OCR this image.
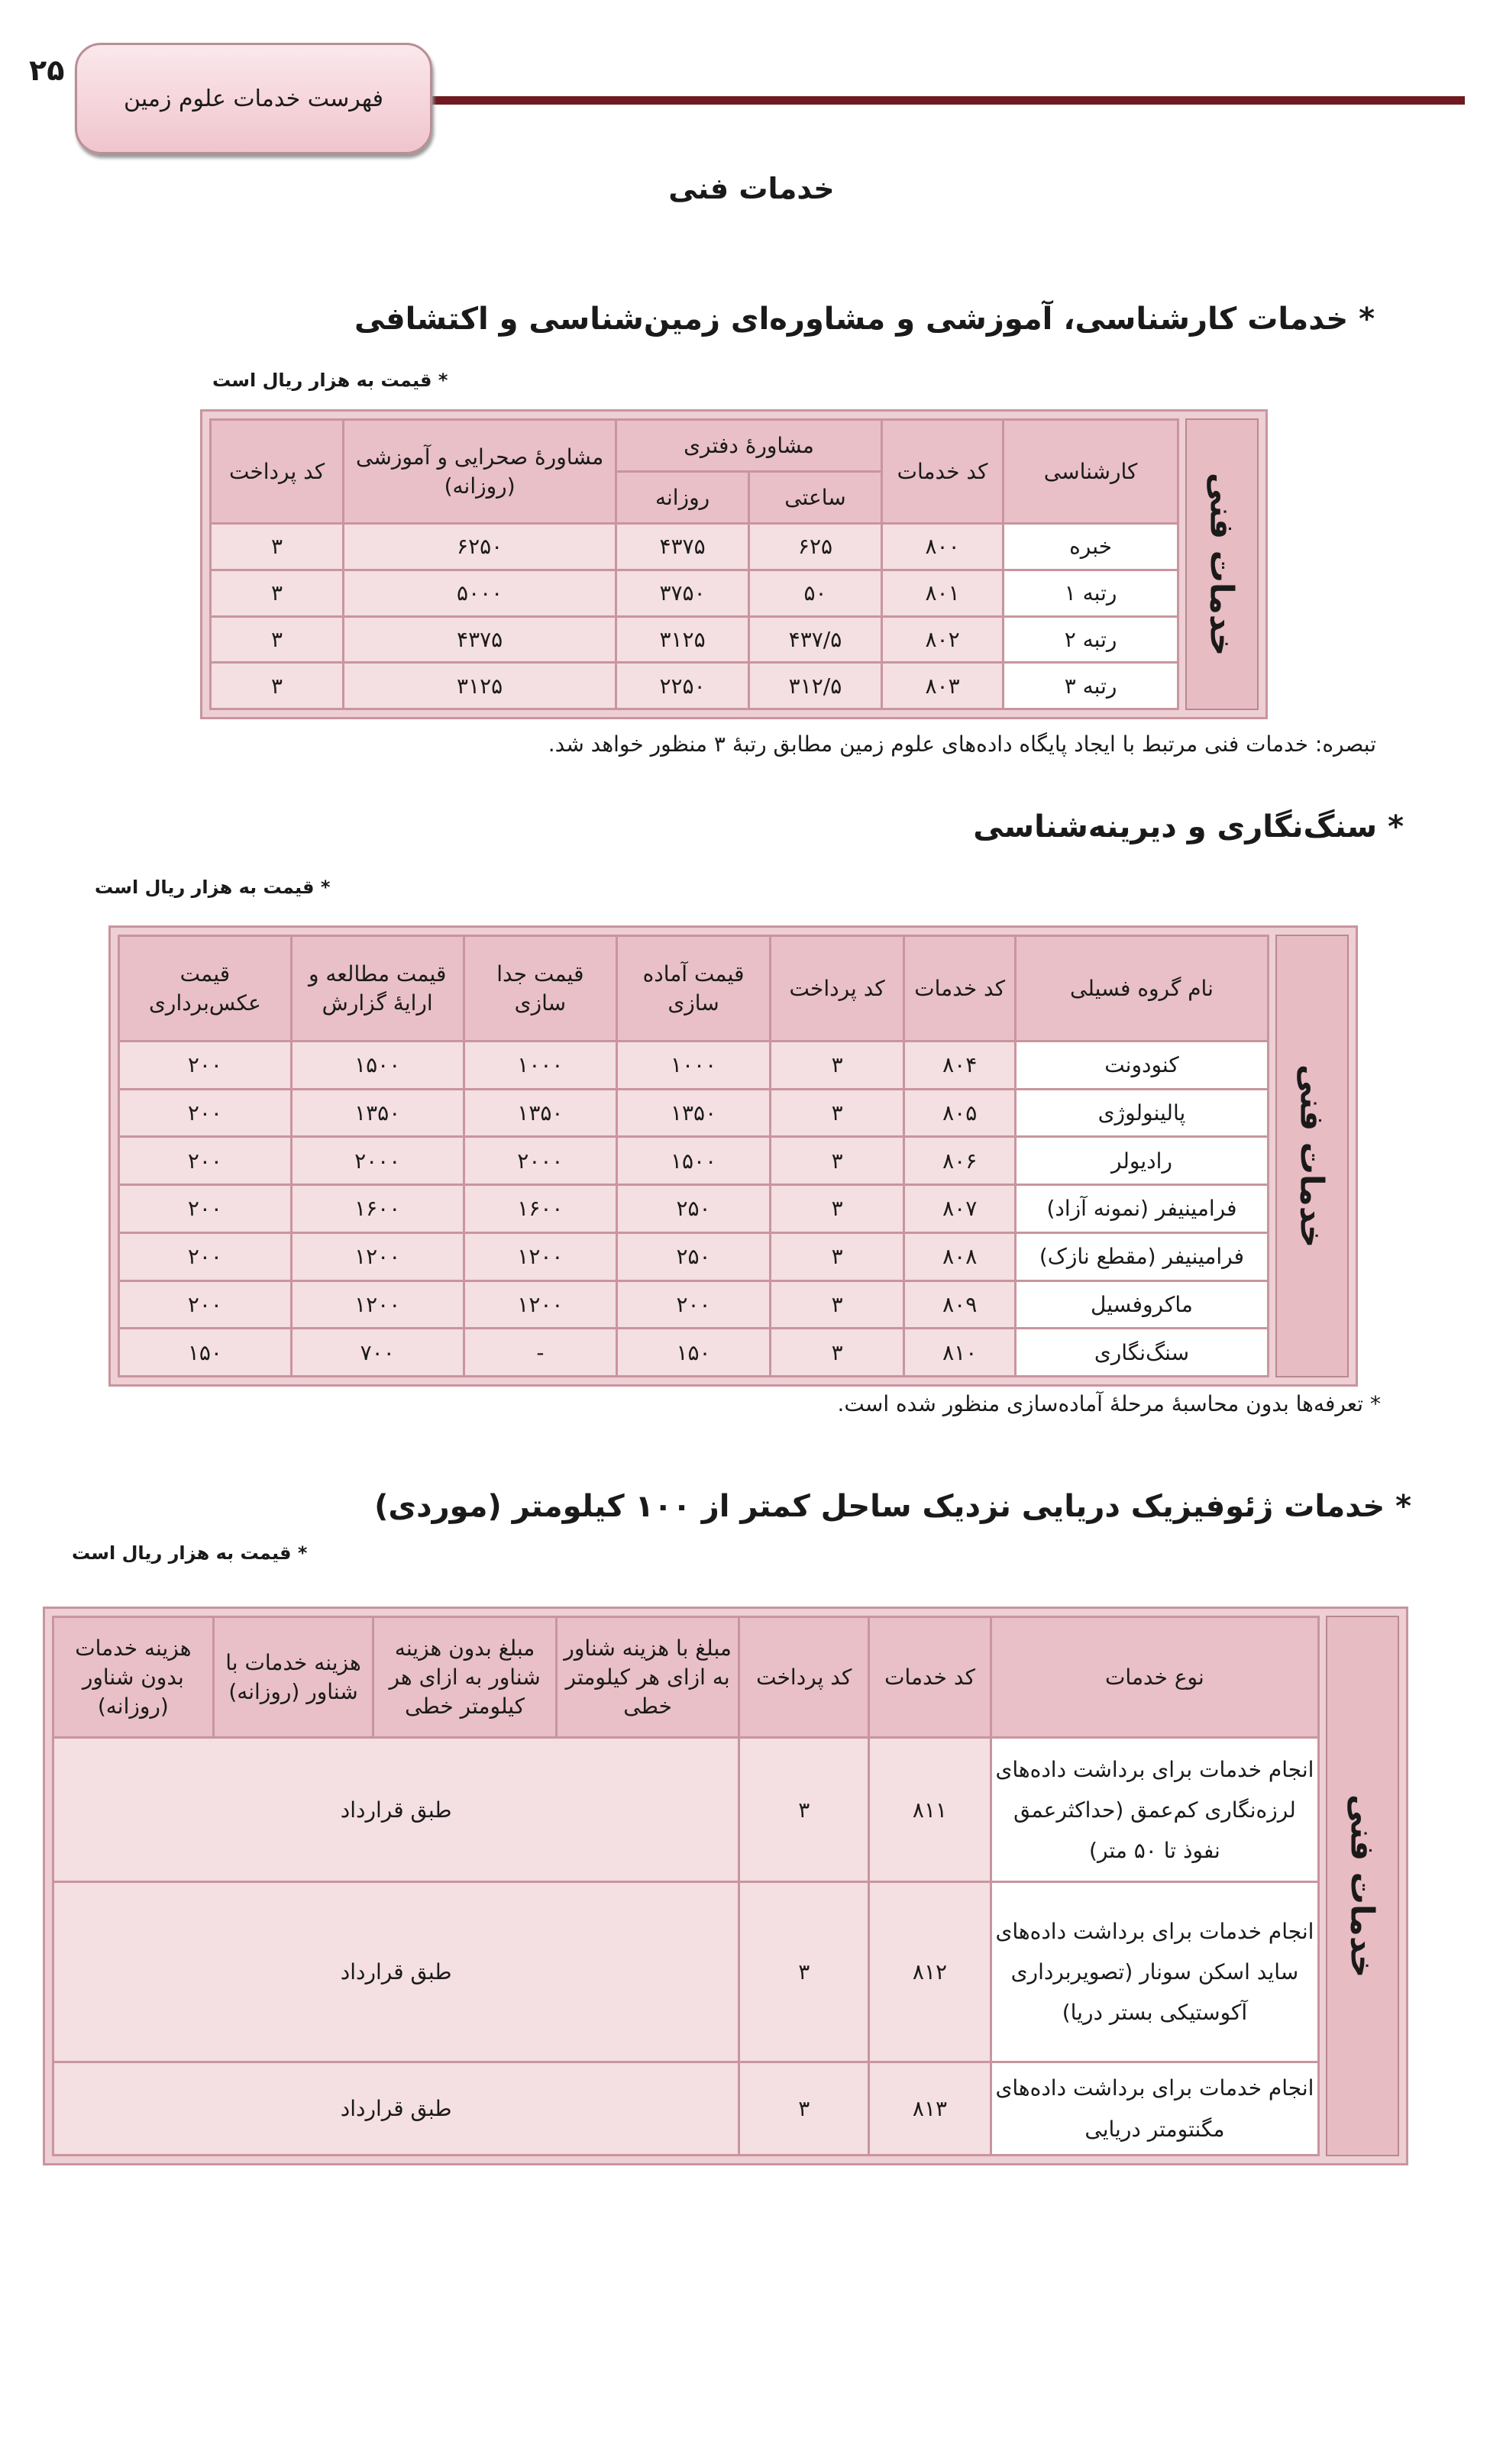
۲۵
فهرست خدمات علوم زمین
خدمات فنی
* خدمات کارشناسی، آموزشی و مشاوره‌ای زمین‌شناسی و اکتشافی
* قیمت به هزار ریال است
خدمات فنی
کارشناسی	کد خدمات	مشاورهٔ دفتری		مشاورهٔ صحرایی و آموزشی (روزانه)	کد پرداخت
		ساعتی	روزانه		
خبره	۸۰۰	۶۲۵	۴۳۷۵	۶۲۵۰	۳
رتبه ۱	۸۰۱	۵۰	۳۷۵۰	۵۰۰۰	۳
رتبه ۲	۸۰۲	۴۳۷/۵	۳۱۲۵	۴۳۷۵	۳
رتبه ۳	۸۰۳	۳۱۲/۵	۲۲۵۰	۳۱۲۵	۳
تبصره: خدمات فنی مرتبط با ایجاد پایگاه داده‌های علوم زمین مطابق رتبهٔ ۳ منظور خواهد شد.
* سنگ‌نگاری و دیرینه‌شناسی
* قیمت به هزار ریال است
خدمات فنی
نام گروه فسیلی	کد خدمات	کد پرداخت	قیمت آماده سازی	قیمت جدا سازی	قیمت مطالعه و ارایهٔ گزارش	قیمت عکس‌برداری
کنودونت	۸۰۴	۳	۱۰۰۰	۱۰۰۰	۱۵۰۰	۲۰۰
پالینولوژی	۸۰۵	۳	۱۳۵۰	۱۳۵۰	۱۳۵۰	۲۰۰
رادیولر	۸۰۶	۳	۱۵۰۰	۲۰۰۰	۲۰۰۰	۲۰۰
فرامینیفر (نمونه آزاد)	۸۰۷	۳	۲۵۰	۱۶۰۰	۱۶۰۰	۲۰۰
فرامینیفر (مقطع نازک)	۸۰۸	۳	۲۵۰	۱۲۰۰	۱۲۰۰	۲۰۰
ماکروفسیل	۸۰۹	۳	۲۰۰	۱۲۰۰	۱۲۰۰	۲۰۰
سنگ‌نگاری	۸۱۰	۳	۱۵۰	-	۷۰۰	۱۵۰
* تعرفه‌ها بدون محاسبهٔ مرحلهٔ آماده‌سازی منظور شده است.
* خدمات ژئوفیزیک دریایی نزدیک ساحل کمتر از ۱۰۰ کیلومتر (موردی)
* قیمت به هزار ریال است
خدمات فنی
نوع خدمات	کد خدمات	کد پرداخت	مبلغ با هزینه شناور به ازای هر کیلومتر خطی	مبلغ بدون هزینه شناور به ازای هر کیلومتر خطی	هزینه خدمات با شناور (روزانه)	هزینه خدمات بدون شناور (روزانه)
انجام خدمات برای برداشت داده‌های لرزه‌نگاری کم‌عمق (حداکثرعمق نفوذ تا ۵۰ متر)	۸۱۱	۳	طبق قرارداد			
انجام خدمات برای برداشت داده‌های ساید اسکن سونار (تصویربرداری آکوستیکی بستر دریا)	۸۱۲	۳	طبق قرارداد			
انجام خدمات برای برداشت داده‌های مگنتومتر دریایی	۸۱۳	۳	طبق قرارداد			
